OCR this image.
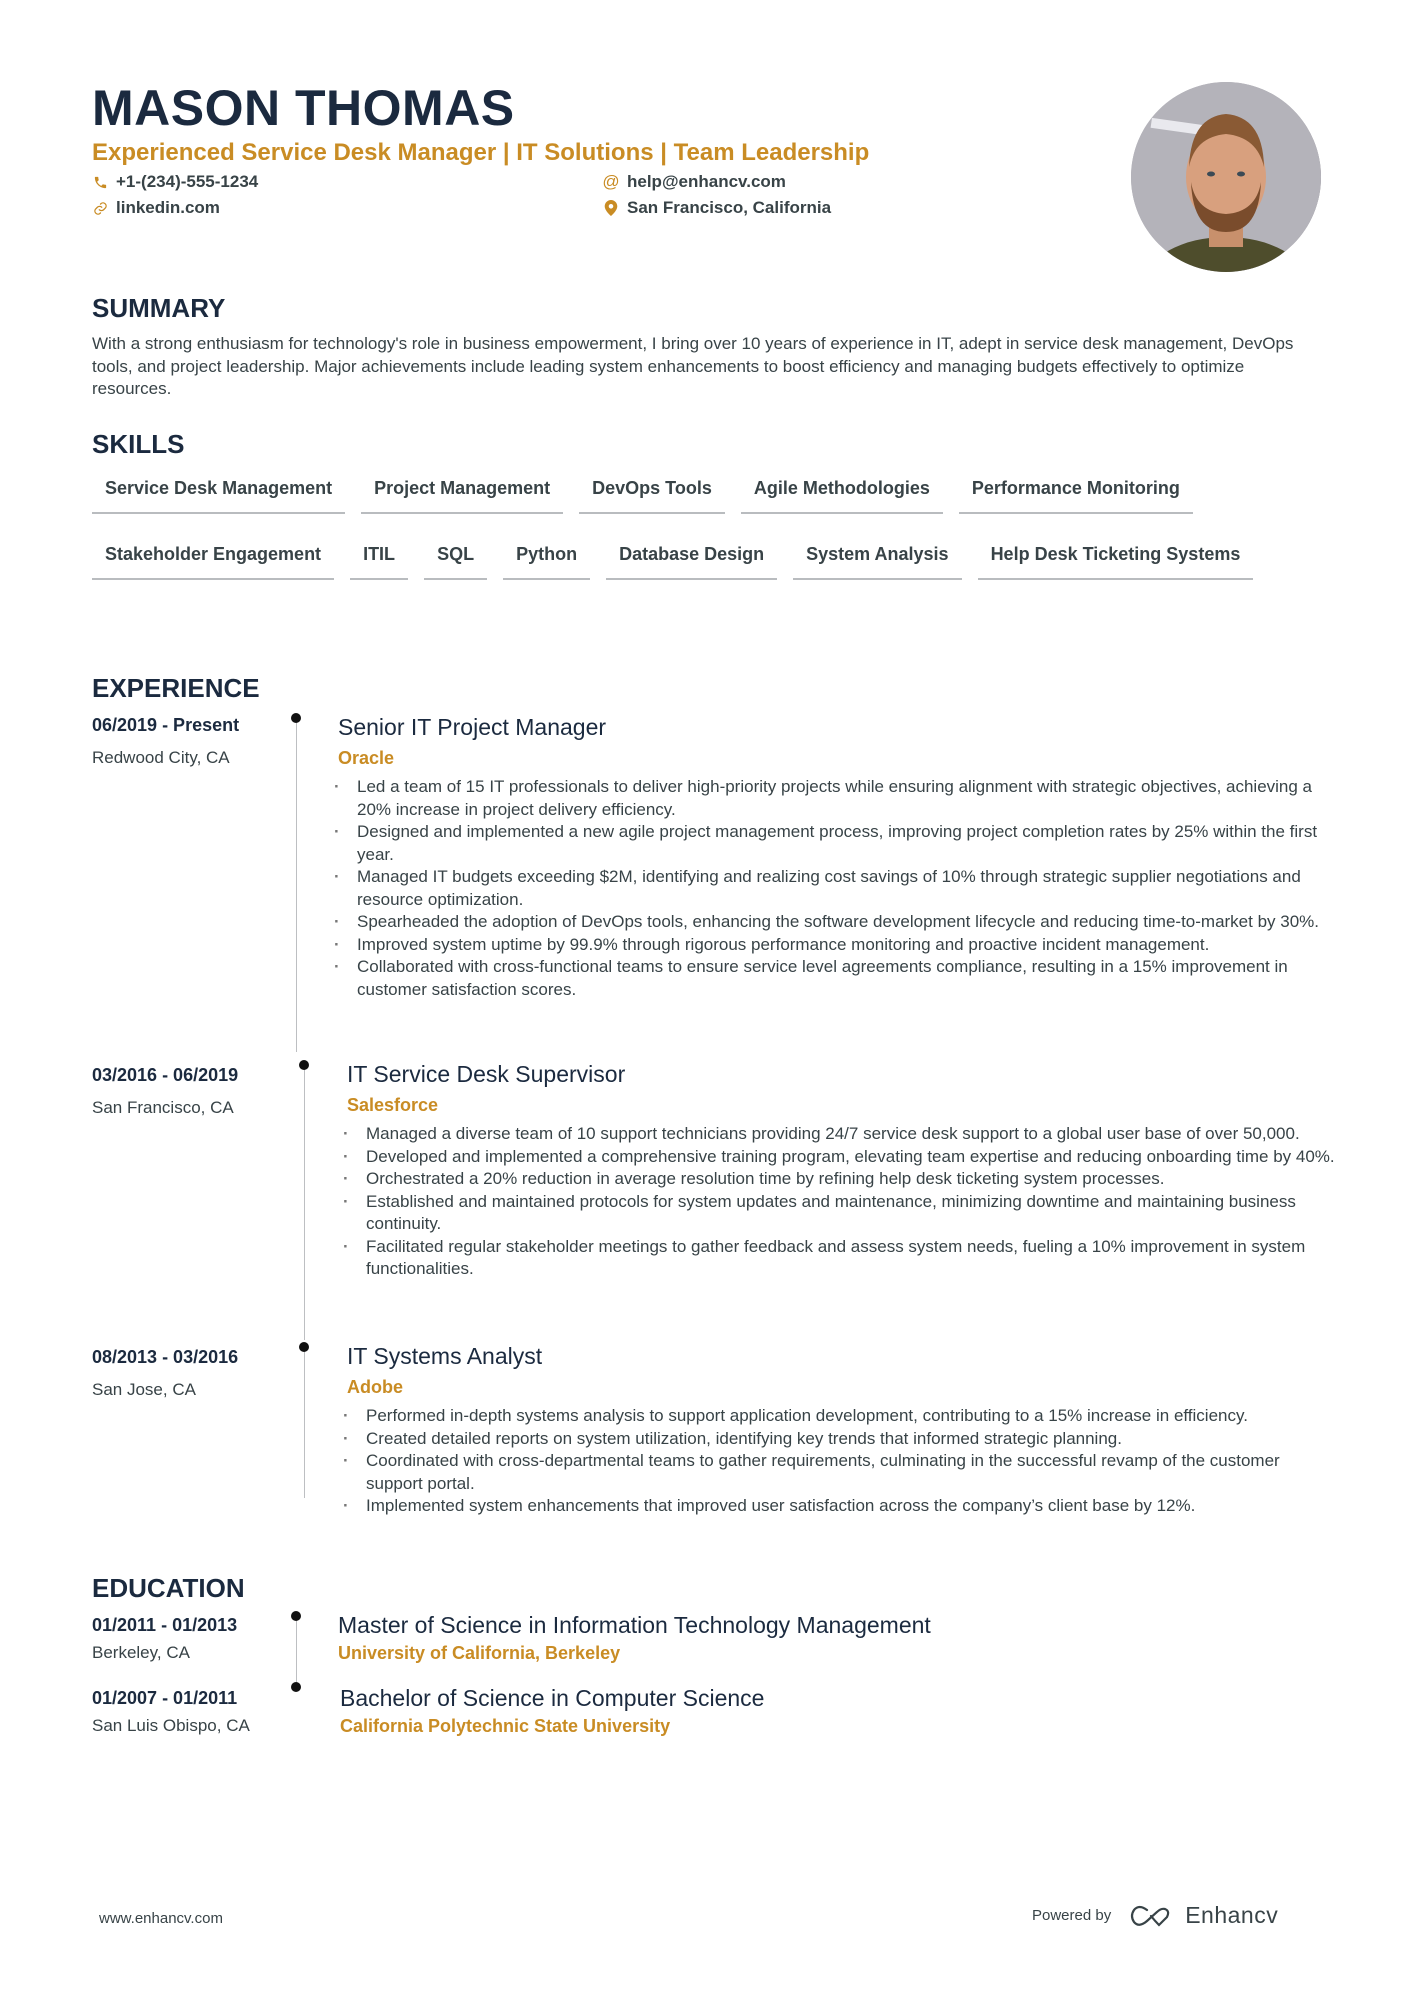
MASON THOMAS
Experienced Service Desk Manager | IT Solutions | Team Leadership
+1-(234)-555-1234
linkedin.com
@ help@enhancv.com
San Francisco, California
SUMMARY
With a strong enthusiasm for technology's role in business empowerment, I bring over 10 years of experience in IT, adept in service desk management, DevOps tools, and project leadership. Major achievements include leading system enhancements to boost efficiency and managing budgets effectively to optimize resources.
SKILLS
Service Desk Management	Project Management	DevOps Tools	Agile Methodologies	Performance Monitoring
Stakeholder Engagement	ITIL	SQL	Python	Database Design	System Analysis	Help Desk Ticketing Systems
EXPERIENCE
06/2019 - Present
Redwood City, CA
Senior IT Project Manager
Oracle
· Led a team of 15 IT professionals to deliver high-priority projects while ensuring alignment with strategic objectives, achieving a 20% increase in project delivery efficiency.
· Designed and implemented a new agile project management process, improving project completion rates by 25% within the first year.
· Managed IT budgets exceeding $2M, identifying and realizing cost savings of 10% through strategic supplier negotiations and resource optimization.
· Spearheaded the adoption of DevOps tools, enhancing the software development lifecycle and reducing time-to-market by 30%.
· Improved system uptime by 99.9% through rigorous performance monitoring and proactive incident management.
· Collaborated with cross-functional teams to ensure service level agreements compliance, resulting in a 15% improvement in customer satisfaction scores.
03/2016 - 06/2019
San Francisco, CA
IT Service Desk Supervisor
Salesforce
· Managed a diverse team of 10 support technicians providing 24/7 service desk support to a global user base of over 50,000.
· Developed and implemented a comprehensive training program, elevating team expertise and reducing onboarding time by 40%.
· Orchestrated a 20% reduction in average resolution time by refining help desk ticketing system processes.
· Established and maintained protocols for system updates and maintenance, minimizing downtime and maintaining business continuity.
· Facilitated regular stakeholder meetings to gather feedback and assess system needs, fueling a 10% improvement in system functionalities.
08/2013 - 03/2016
San Jose, CA
IT Systems Analyst
Adobe
· Performed in-depth systems analysis to support application development, contributing to a 15% increase in efficiency.
· Created detailed reports on system utilization, identifying key trends that informed strategic planning.
· Coordinated with cross-departmental teams to gather requirements, culminating in the successful revamp of the customer support portal.
· Implemented system enhancements that improved user satisfaction across the company’s client base by 12%.
EDUCATION
01/2011 - 01/2013
Berkeley, CA
Master of Science in Information Technology Management
University of California, Berkeley
01/2007 - 01/2011
San Luis Obispo, CA
Bachelor of Science in Computer Science
California Polytechnic State University
www.enhancv.com	Powered by	Enhancv
